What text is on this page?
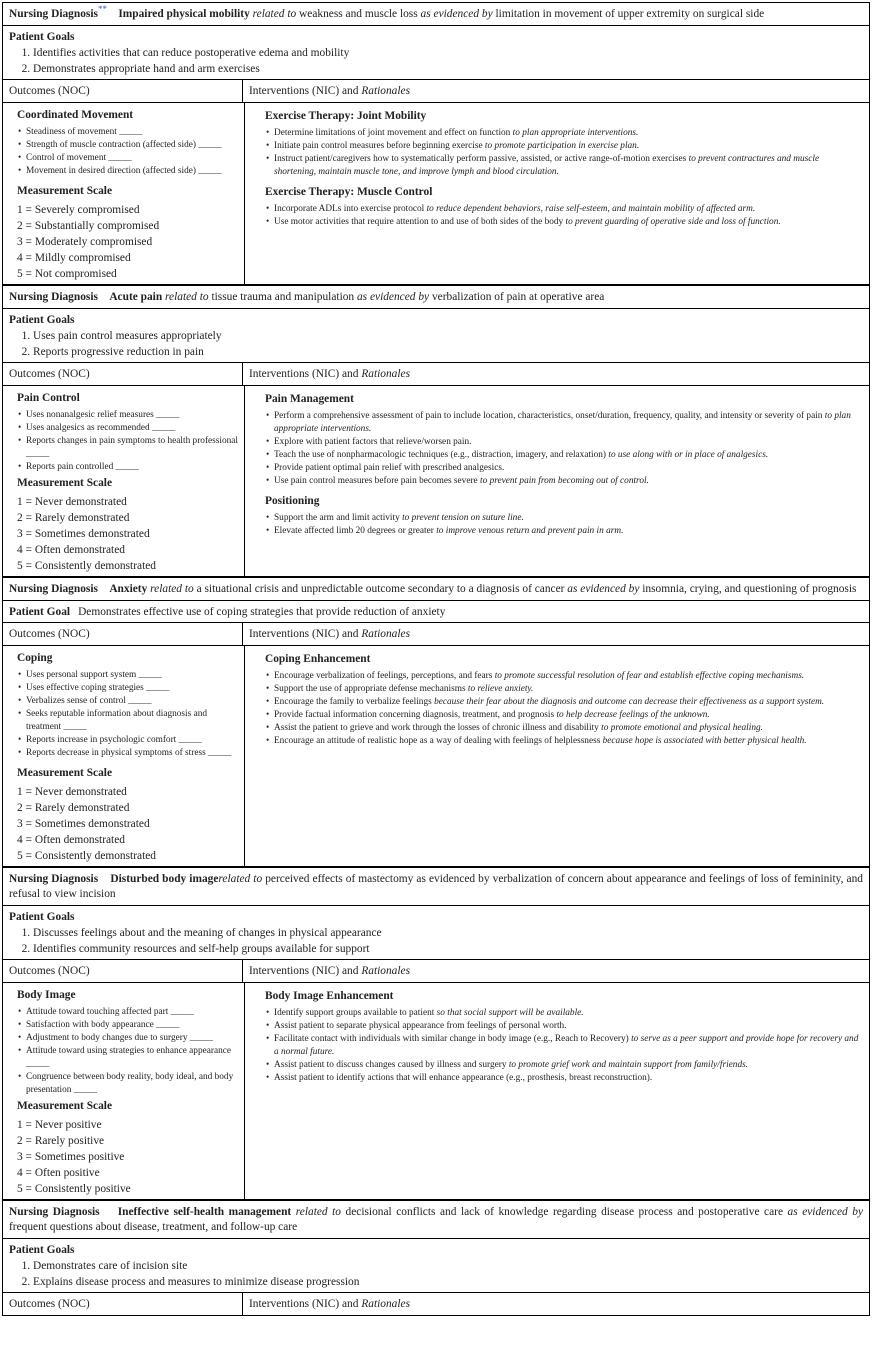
Nursing Diagnosis** Impaired physical mobility related to weakness and muscle loss as evidenced by limitation in movement of upper extremity on surgical side
Patient Goals
1. Identifies activities that can reduce postoperative edema and mobility
2. Demonstrates appropriate hand and arm exercises
Outcomes (NOC)	Interventions (NIC) and Rationales
Coordinated Movement
• Steadiness of movement _____
• Strength of muscle contraction (affected side) _____
• Control of movement _____
• Movement in desired direction (affected side) _____
Measurement Scale
1 = Severely compromised
2 = Substantially compromised
3 = Moderately compromised
4 = Mildly compromised
5 = Not compromised
Exercise Therapy: Joint Mobility
• Determine limitations of joint movement and effect on function to plan appropriate interventions.
• Initiate pain control measures before beginning exercise to promote participation in exercise plan.
• Instruct patient/caregivers how to systematically perform passive, assisted, or active range-of-motion exercises to prevent contractures and muscle shortening, maintain muscle tone, and improve lymph and blood circulation.
Exercise Therapy: Muscle Control
• Incorporate ADLs into exercise protocol to reduce dependent behaviors, raise self-esteem, and maintain mobility of affected arm.
• Use motor activities that require attention to and use of both sides of the body to prevent guarding of operative side and loss of function.
Nursing Diagnosis Acute pain related to tissue trauma and manipulation as evidenced by verbalization of pain at operative area
Patient Goals
1. Uses pain control measures appropriately
2. Reports progressive reduction in pain
Outcomes (NOC)	Interventions (NIC) and Rationales
Pain Control
• Uses nonanalgesic relief measures _____
• Uses analgesics as recommended _____
• Reports changes in pain symptoms to health professional _____
• Reports pain controlled _____
Measurement Scale
1 = Never demonstrated
2 = Rarely demonstrated
3 = Sometimes demonstrated
4 = Often demonstrated
5 = Consistently demonstrated
Pain Management
• Perform a comprehensive assessment of pain to include location, characteristics, onset/duration, frequency, quality, and intensity or severity of pain to plan appropriate interventions.
• Explore with patient factors that relieve/worsen pain.
• Teach the use of nonpharmacologic techniques (e.g., distraction, imagery, and relaxation) to use along with or in place of analgesics.
• Provide patient optimal pain relief with prescribed analgesics.
• Use pain control measures before pain becomes severe to prevent pain from becoming out of control.
Positioning
• Support the arm and limit activity to prevent tension on suture line.
• Elevate affected limb 20 degrees or greater to improve venous return and prevent pain in arm.
Nursing Diagnosis Anxiety related to a situational crisis and unpredictable outcome secondary to a diagnosis of cancer as evidenced by insomnia, crying, and questioning of prognosis
Patient Goal Demonstrates effective use of coping strategies that provide reduction of anxiety
Outcomes (NOC)	Interventions (NIC) and Rationales
Coping
• Uses personal support system _____
• Uses effective coping strategies _____
• Verbalizes sense of control _____
• Seeks reputable information about diagnosis and treatment _____
• Reports increase in psychologic comfort _____
• Reports decrease in physical symptoms of stress _____
Measurement Scale
1 = Never demonstrated
2 = Rarely demonstrated
3 = Sometimes demonstrated
4 = Often demonstrated
5 = Consistently demonstrated
Coping Enhancement
• Encourage verbalization of feelings, perceptions, and fears to promote successful resolution of fear and establish effective coping mechanisms.
• Support the use of appropriate defense mechanisms to relieve anxiety.
• Encourage the family to verbalize feelings because their fear about the diagnosis and outcome can decrease their effectiveness as a support system.
• Provide factual information concerning diagnosis, treatment, and prognosis to help decrease feelings of the unknown.
• Assist the patient to grieve and work through the losses of chronic illness and disability to promote emotional and physical healing.
• Encourage an attitude of realistic hope as a way of dealing with feelings of helplessness because hope is associated with better physical health.
Nursing Diagnosis Disturbed body imagerelated to perceived effects of mastectomy as evidenced by verbalization of concern about appearance and feelings of loss of femininity, and refusal to view incision
Patient Goals
1. Discusses feelings about and the meaning of changes in physical appearance
2. Identifies community resources and self-help groups available for support
Outcomes (NOC)	Interventions (NIC) and Rationales
Body Image
• Attitude toward touching affected part _____
• Satisfaction with body appearance _____
• Adjustment to body changes due to surgery _____
• Attitude toward using strategies to enhance appearance _____
• Congruence between body reality, body ideal, and body presentation _____
Measurement Scale
1 = Never positive
2 = Rarely positive
3 = Sometimes positive
4 = Often positive
5 = Consistently positive
Body Image Enhancement
• Identify support groups available to patient so that social support will be available.
• Assist patient to separate physical appearance from feelings of personal worth.
• Facilitate contact with individuals with similar change in body image (e.g., Reach to Recovery) to serve as a peer support and provide hope for recovery and a normal future.
• Assist patient to discuss changes caused by illness and surgery to promote grief work and maintain support from family/friends.
• Assist patient to identify actions that will enhance appearance (e.g., prosthesis, breast reconstruction).
Nursing Diagnosis Ineffective self-health management related to decisional conflicts and lack of knowledge regarding disease process and postoperative care as evidenced by frequent questions about disease, treatment, and follow-up care
Patient Goals
1. Demonstrates care of incision site
2. Explains disease process and measures to minimize disease progression
Outcomes (NOC)	Interventions (NIC) and Rationales
